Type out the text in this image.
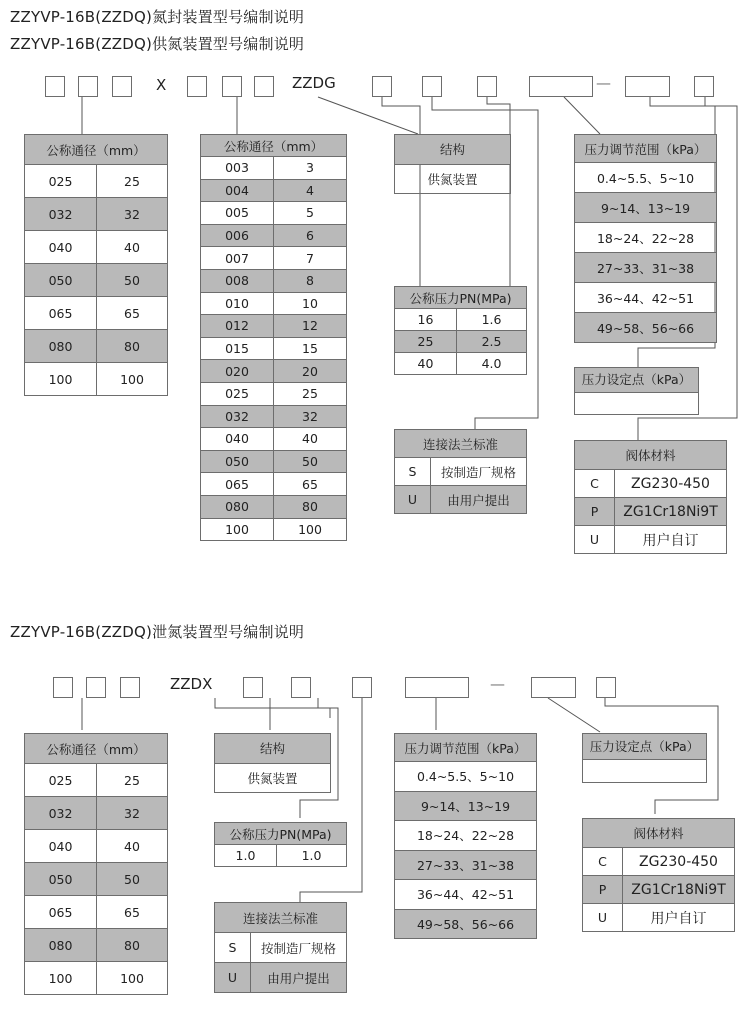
ZZYVP-16B(ZZDQ)氮封装置型号编制说明
ZZYVP-16B(ZZDQ)供氮装置型号编制说明
ZZYVP-16B(ZZDQ)泄氮装置型号编制说明
X	ZZDG	—
公称通径（mm）	
025	25
032	32
040	40
050	50
065	65
080	80
100	100
公称通径（mm）	
003	3
004	4
005	5
006	6
007	7
008	8
010	10
012	12
015	15
020	20
025	25
032	32
040	40
050	50
065	65
080	80
100	100
结构
供氮装置
公称压力PN(MPa)	
16	1.6
25	2.5
40	4.0
连接法兰标准	
S	按制造厂规格
U	由用户提出
压力调节范围（kPa）
0.4~5.5、5~10
9~14、13~19
18~24、22~28
27~33、31~38
36~44、42~51
49~58、56~66
压力设定点（kPa）
阀体材料	
C	ZG230-450
P	ZG1Cr18Ni9T
U	用户自订
ZZDX	—
公称通径（mm）	
025	25
032	32
040	40
050	50
065	65
080	80
100	100
结构
供氮装置
公称压力PN(MPa)
1.0	1.0
连接法兰标准	
S	按制造厂规格
U	由用户提出
压力调节范围（kPa）
0.4~5.5、5~10
9~14、13~19
18~24、22~28
27~33、31~38
36~44、42~51
49~58、56~66
压力设定点（kPa）
阀体材料	
C	ZG230-450
P	ZG1Cr18Ni9T
U	用户自订
